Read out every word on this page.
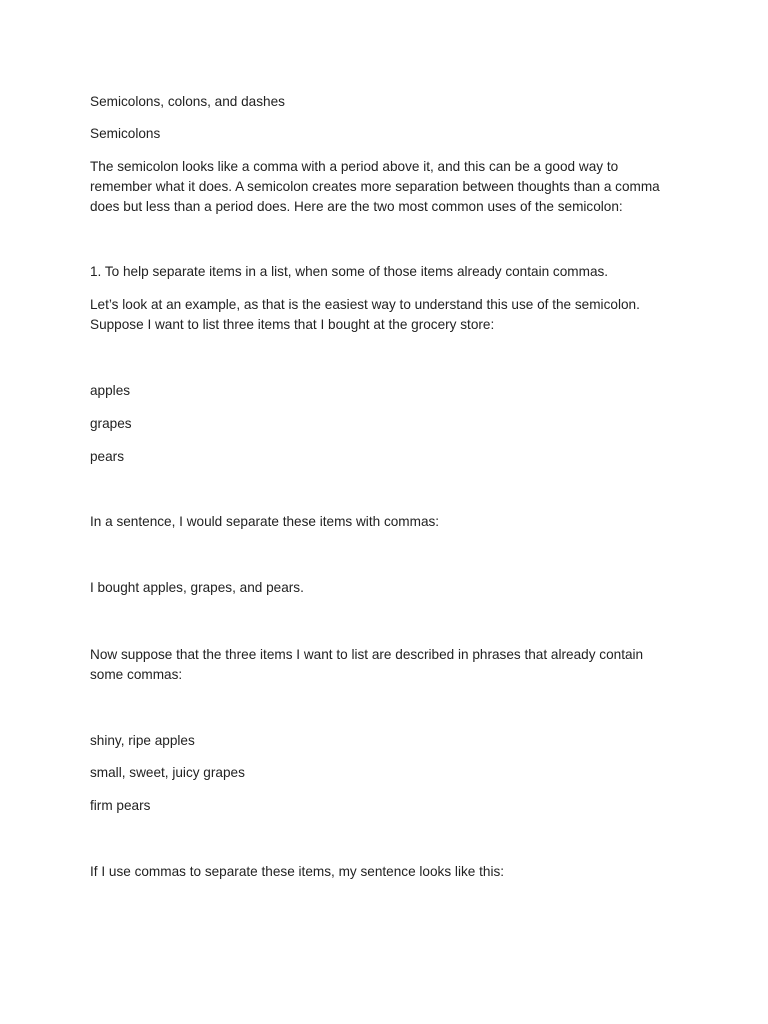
Semicolons, colons, and dashes

Semicolons

The semicolon looks like a comma with a period above it, and this can be a good way to

remember what it does. A semicolon creates more separation between thoughts than a comma

does but less than a period does. Here are the two most common uses of the semicolon:

1. To help separate items in a list, when some of those items already contain commas.

Let’s look at an example, as that is the easiest way to understand this use of the semicolon.

Suppose I want to list three items that I bought at the grocery store:

apples

grapes

pears

In a sentence, I would separate these items with commas:

I bought apples, grapes, and pears.

Now suppose that the three items I want to list are described in phrases that already contain

some commas:

shiny, ripe apples

small, sweet, juicy grapes

firm pears

If I use commas to separate these items, my sentence looks like this:
